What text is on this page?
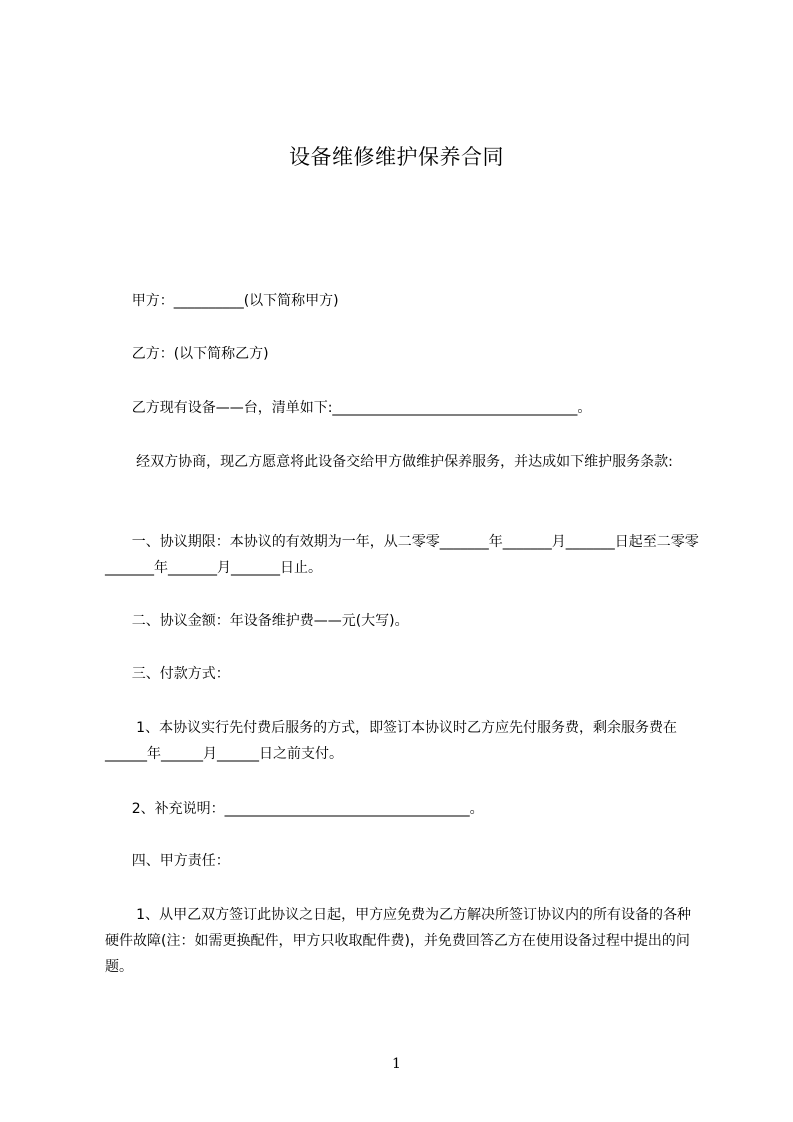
设备维修维护保养合同
甲方：__________(以下简称甲方)
乙方：(以下简称乙方)
乙方现有设备——台，清单如下:___________________________________。
经双方协商，现乙方愿意将此设备交给甲方做维护保养服务，并达成如下维护服务条款:
一、协议期限：本协议的有效期为一年，从二零零_______年_______月_______日起至二零零_______年_______月_______日止。
二、协议金额：年设备维护费——元(大写)。
三、付款方式：
1、本协议实行先付费后服务的方式，即签订本协议时乙方应先付服务费，剩余服务费在______年______月______日之前支付。
2、补充说明：___________________________________。
四、甲方责任：
1、从甲乙双方签订此协议之日起，甲方应免费为乙方解决所签订协议内的所有设备的各种硬件故障(注：如需更换配件，甲方只收取配件费)，并免费回答乙方在使用设备过程中提出的问题。
1
